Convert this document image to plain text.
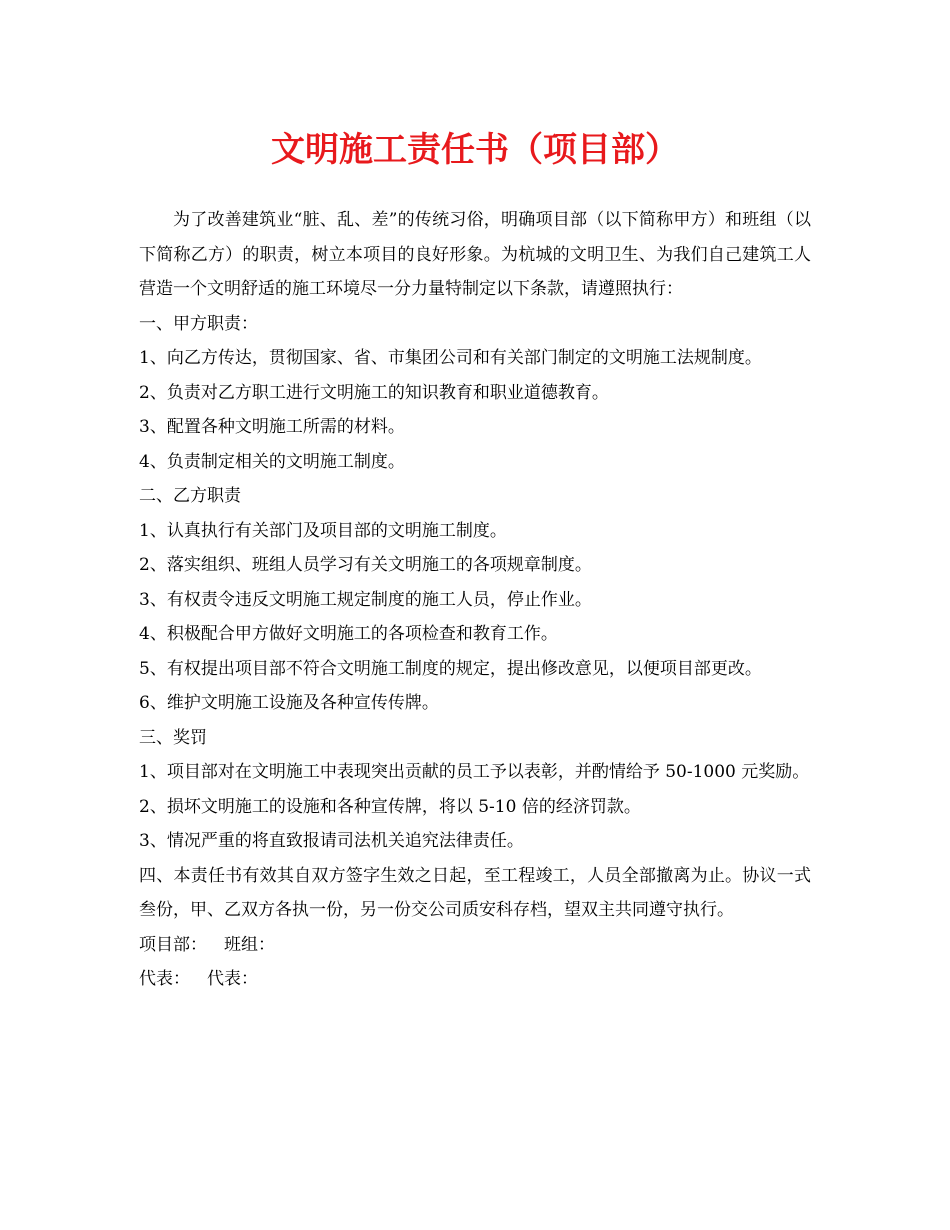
文明施工责任书（项目部）

为了改善建筑业“脏、乱、差”的传统习俗，明确项目部（以下简称甲方）和班组（以下简称乙方）的职责，树立本项目的良好形象。为杭城的文明卫生、为我们自己建筑工人营造一个文明舒适的施工环境尽一分力量特制定以下条款，请遵照执行：

一、甲方职责：

1、向乙方传达，贯彻国家、省、市集团公司和有关部门制定的文明施工法规制度。

2、负责对乙方职工进行文明施工的知识教育和职业道德教育。

3、配置各种文明施工所需的材料。

4、负责制定相关的文明施工制度。

二、乙方职责

1、认真执行有关部门及项目部的文明施工制度。

2、落实组织、班组人员学习有关文明施工的各项规章制度。

3、有权责令违反文明施工规定制度的施工人员，停止作业。

4、积极配合甲方做好文明施工的各项检查和教育工作。

5、有权提出项目部不符合文明施工制度的规定，提出修改意见，以便项目部更改。

6、维护文明施工设施及各种宣传传牌。

三、奖罚

1、项目部对在文明施工中表现突出贡献的员工予以表彰，并酌情给予 50-1000 元奖励。

2、损坏文明施工的设施和各种宣传牌，将以 5-10 倍的经济罚款。

3、情况严重的将直致报请司法机关追究法律责任。

四、本责任书有效其自双方签字生效之日起，至工程竣工，人员全部撤离为止。协议一式叁份，甲、乙双方各执一份，另一份交公司质安科存档，望双主共同遵守执行。

项目部： 班组：

代表： 代表：
